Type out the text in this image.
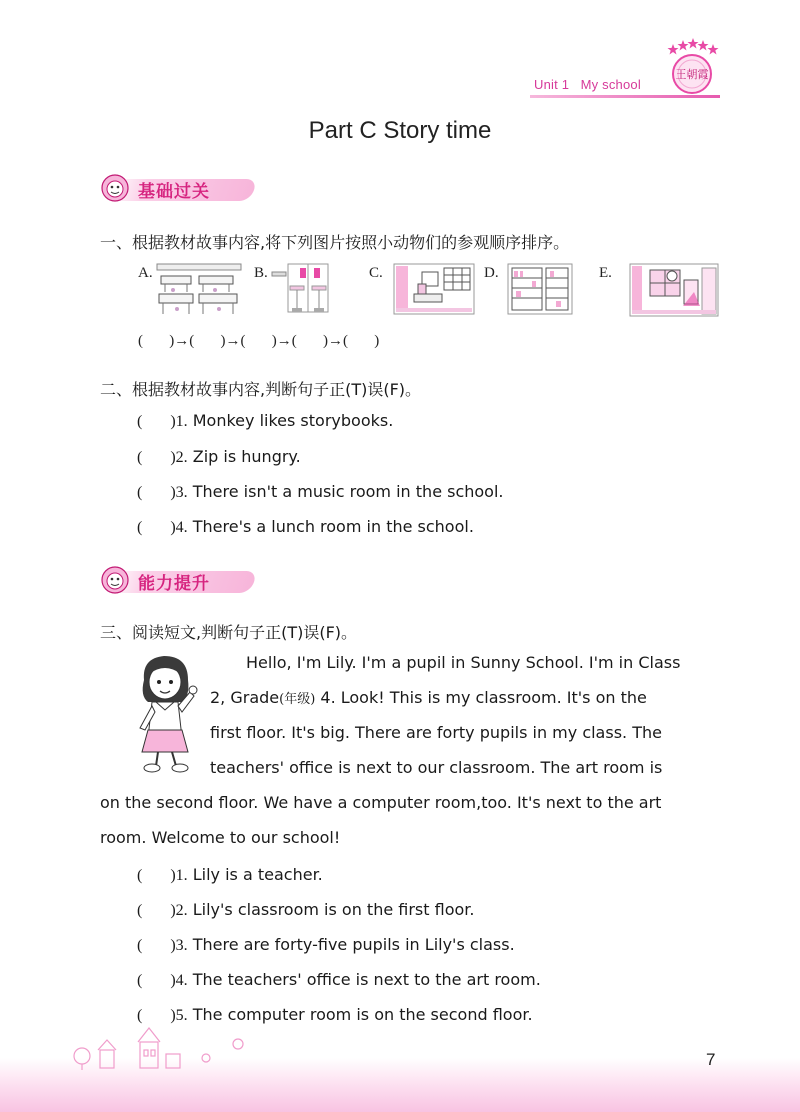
Unit 1 My school
王朝霞
Part C Story time
基础过关
一、根据教材故事内容,将下列图片按照小动物们的参观顺序排序。
A.	B.	C.	D.	E.
(       )→(       )→(       )→(       )→(       )
二、根据教材故事内容,判断句子正(T)误(F)。
(       )1. Monkey likes storybooks.
(       )2. Zip is hungry.
(       )3. There isn't a music room in the school.
(       )4. There's a lunch room in the school.
能力提升
三、阅读短文,判断句子正(T)误(F)。
Hello, I'm Lily. I'm a pupil in Sunny School. I'm in Class
2, Grade(年级) 4. Look! This is my classroom. It's on the
first floor. It's big. There are forty pupils in my class. The
teachers' office is next to our classroom. The art room is
on the second floor. We have a computer room,too. It's next to the art
room. Welcome to our school!
(       )1. Lily is a teacher.
(       )2. Lily's classroom is on the first floor.
(       )3. There are forty-five pupils in Lily's class.
(       )4. The teachers' office is next to the art room.
(       )5. The computer room is on the second floor.
7
